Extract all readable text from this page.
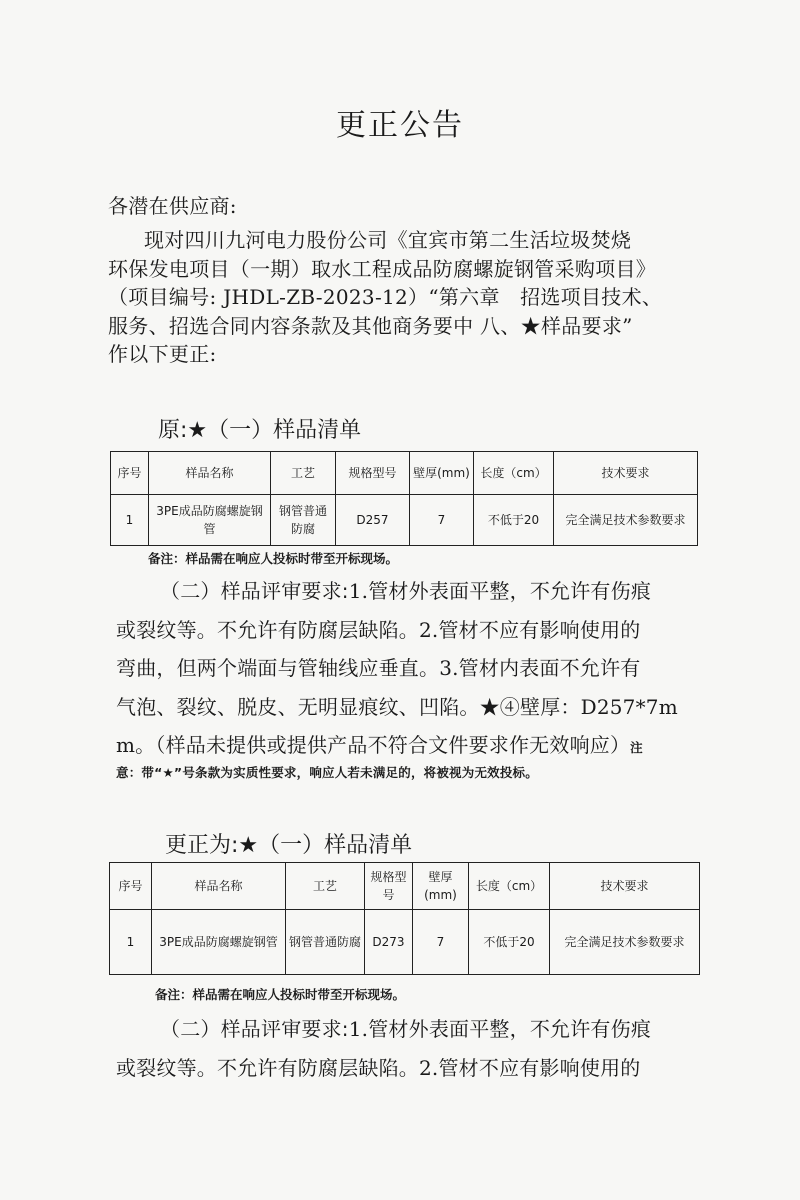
更正公告
各潜在供应商:
现对四川九河电力股份公司《宜宾市第二生活垃圾焚烧
环保发电项目（一期）取水工程成品防腐螺旋钢管采购项目》
（项目编号: JHDL-ZB-2023-12）“第六章　招选项目技术、
服务、招选合同内容条款及其他商务要中 八、★样品要求”
作以下更正:
原:★（一）样品清单
序号	样品名称	工艺	规格型号	壁厚(mm)	长度（cm）	技术要求
1	3PE成品防腐螺旋钢管	钢管普通防腐	D257	7	不低于20	完全满足技术参数要求
备注：样品需在响应人投标时带至开标现场。
（二）样品评审要求:1.管材外表面平整，不允许有伤痕
或裂纹等。不允许有防腐层缺陷。2.管材不应有影响使用的
弯曲，但两个端面与管轴线应垂直。3.管材内表面不允许有
气泡、裂纹、脱皮、无明显痕纹、凹陷。★④壁厚：D257*7m
m。（样品未提供或提供产品不符合文件要求作无效响应）注
意：带“★”号条款为实质性要求，响应人若未满足的，将被视为无效投标。
更正为:★（一）样品清单
序号	样品名称	工艺	规格型号	壁厚(mm)	长度（cm）	技术要求
1	3PE成品防腐螺旋钢管	钢管普通防腐	D273	7	不低于20	完全满足技术参数要求
备注：样品需在响应人投标时带至开标现场。
（二）样品评审要求:1.管材外表面平整，不允许有伤痕
或裂纹等。不允许有防腐层缺陷。2.管材不应有影响使用的
